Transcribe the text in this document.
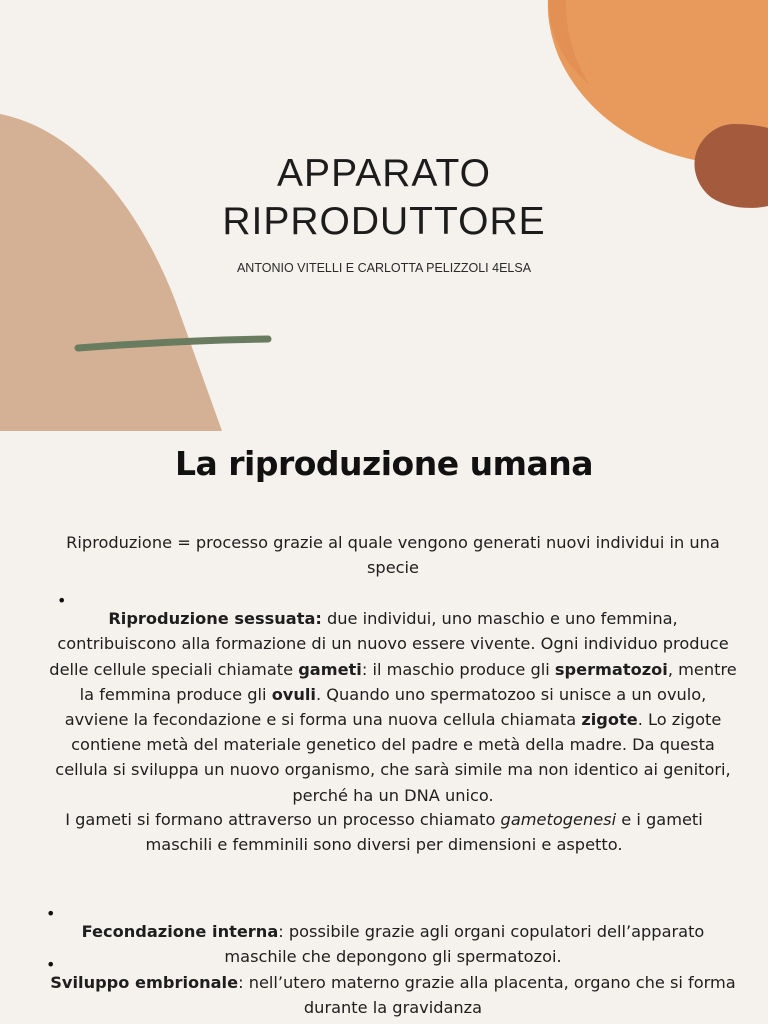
APPARATO
RIPRODUTTORE
ANTONIO VITELLI E CARLOTTA PELIZZOLI 4ELSA
La riproduzione umana

Riproduzione = processo grazie al quale vengono generati nuovi individui in una specie

•

Riproduzione sessuata: due individui, uno maschio e uno femmina, contribuiscono alla formazione di un nuovo essere vivente. Ogni individuo produce delle cellule speciali chiamate gameti: il maschio produce gli spermatozoi, mentre la femmina produce gli ovuli. Quando uno spermatozoo si unisce a un ovulo, avviene la fecondazione e si forma una nuova cellula chiamata zigote. Lo zigote contiene metà del materiale genetico del padre e metà della madre. Da questa cellula si sviluppa un nuovo organismo, che sarà simile ma non identico ai genitori, perché ha un DNA unico.

I gameti si formano attraverso un processo chiamato gametogenesi e i gameti maschili e femminili sono diversi per dimensioni e aspetto.

•

Fecondazione interna: possibile grazie agli organi copulatori dell’apparato maschile che depongono gli spermatozoi.

•

Sviluppo embrionale: nell’utero materno grazie alla placenta, organo che si forma durante la gravidanza
